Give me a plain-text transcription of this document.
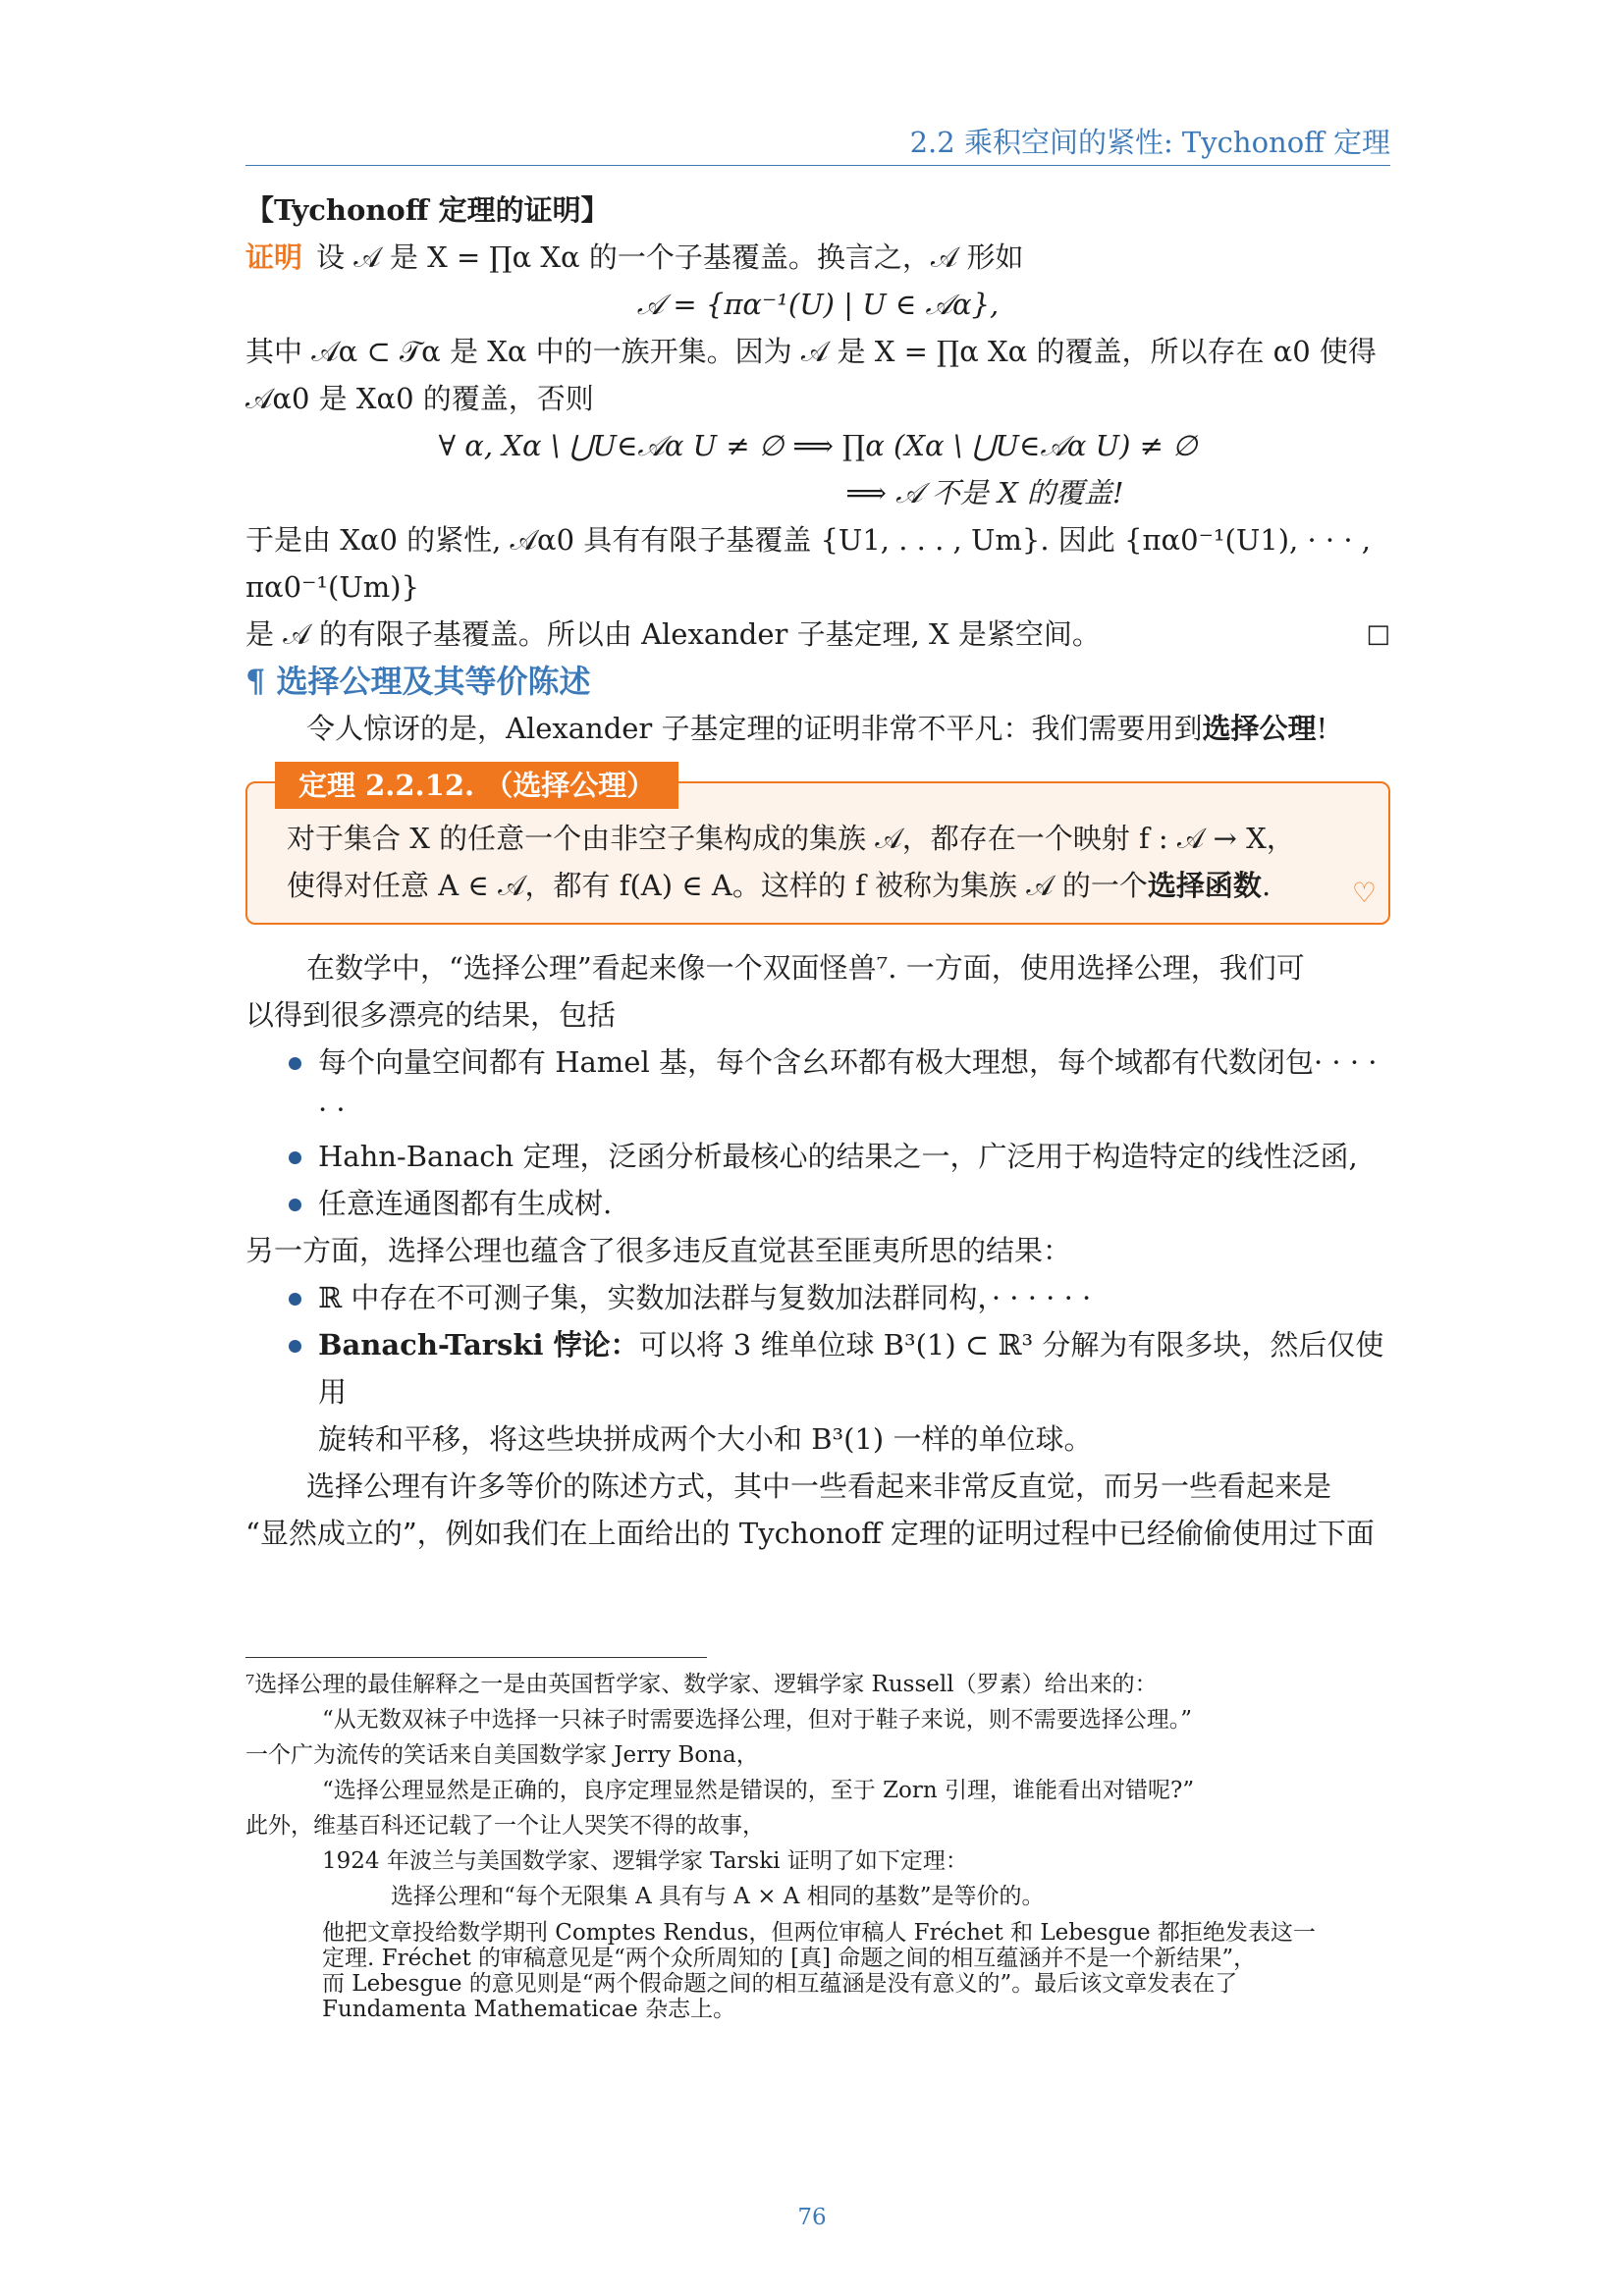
2.2 乘积空间的紧性: Tychonoff 定理

【Tychonoff 定理的证明】

证明 设 𝒜 是 X = ∏α Xα 的一个子基覆盖。换言之，𝒜 形如

𝒜 = {πα⁻¹(U) | U ∈ 𝒜α},

其中 𝒜α ⊂ 𝒯α 是 Xα 中的一族开集。因为 𝒜 是 X = ∏α Xα 的覆盖，所以存在 α0 使得

𝒜α0 是 Xα0 的覆盖，否则

∀ α, Xα \ ⋃U∈𝒜α U ≠ ∅ ⟹ ∏α (Xα \ ⋃U∈𝒜α U) ≠ ∅

⟹ 𝒜 不是 X 的覆盖!

于是由 Xα0 的紧性, 𝒜α0 具有有限子基覆盖 {U1, . . . , Um}. 因此 {πα0⁻¹(U1), · · · , πα0⁻¹(Um)}

是 𝒜 的有限子基覆盖。所以由 Alexander 子基定理, X 是紧空间。	□

¶ 选择公理及其等价陈述

令人惊讶的是，Alexander 子基定理的证明非常不平凡：我们需要用到选择公理!

定理 2.2.12. （选择公理）

对于集合 X 的任意一个由非空子集构成的集族 𝒜，都存在一个映射 f : 𝒜 → X，

使得对任意 A ∈ 𝒜，都有 f(A) ∈ A。这样的 f 被称为集族 𝒜 的一个选择函数.	♡

在数学中，“选择公理”看起来像一个双面怪兽⁷. 一方面，使用选择公理，我们可

以得到很多漂亮的结果，包括

每个向量空间都有 Hamel 基，每个含幺环都有极大理想，每个域都有代数闭包· · · · · ·
Hahn-Banach 定理，泛函分析最核心的结果之一，广泛用于构造特定的线性泛函,
任意连通图都有生成树.

另一方面，选择公理也蕴含了很多违反直觉甚至匪夷所思的结果：

ℝ 中存在不可测子集，实数加法群与复数加法群同构，· · · · · ·
Banach-Tarski 悖论：可以将 3 维单位球 B³(1) ⊂ ℝ³ 分解为有限多块，然后仅使用
旋转和平移，将这些块拼成两个大小和 B³(1) 一样的单位球。

选择公理有许多等价的陈述方式，其中一些看起来非常反直觉，而另一些看起来是

“显然成立的”，例如我们在上面给出的 Tychonoff 定理的证明过程中已经偷偷使用过下面

⁷选择公理的最佳解释之一是由英国哲学家、数学家、逻辑学家 Russell（罗素）给出来的：

“从无数双袜子中选择一只袜子时需要选择公理，但对于鞋子来说，则不需要选择公理。”

一个广为流传的笑话来自美国数学家 Jerry Bona，

“选择公理显然是正确的，良序定理显然是错误的，至于 Zorn 引理，谁能看出对错呢?”

此外，维基百科还记载了一个让人哭笑不得的故事，

1924 年波兰与美国数学家、逻辑学家 Tarski 证明了如下定理：

选择公理和“每个无限集 A 具有与 A × A 相同的基数”是等价的。

他把文章投给数学期刊 Comptes Rendus，但两位审稿人 Fréchet 和 Lebesgue 都拒绝发表这一

定理. Fréchet 的审稿意见是“两个众所周知的 [真] 命题之间的相互蕴涵并不是一个新结果”，

而 Lebesgue 的意见则是“两个假命题之间的相互蕴涵是没有意义的”。最后该文章发表在了

Fundamenta Mathematicae 杂志上。

76
